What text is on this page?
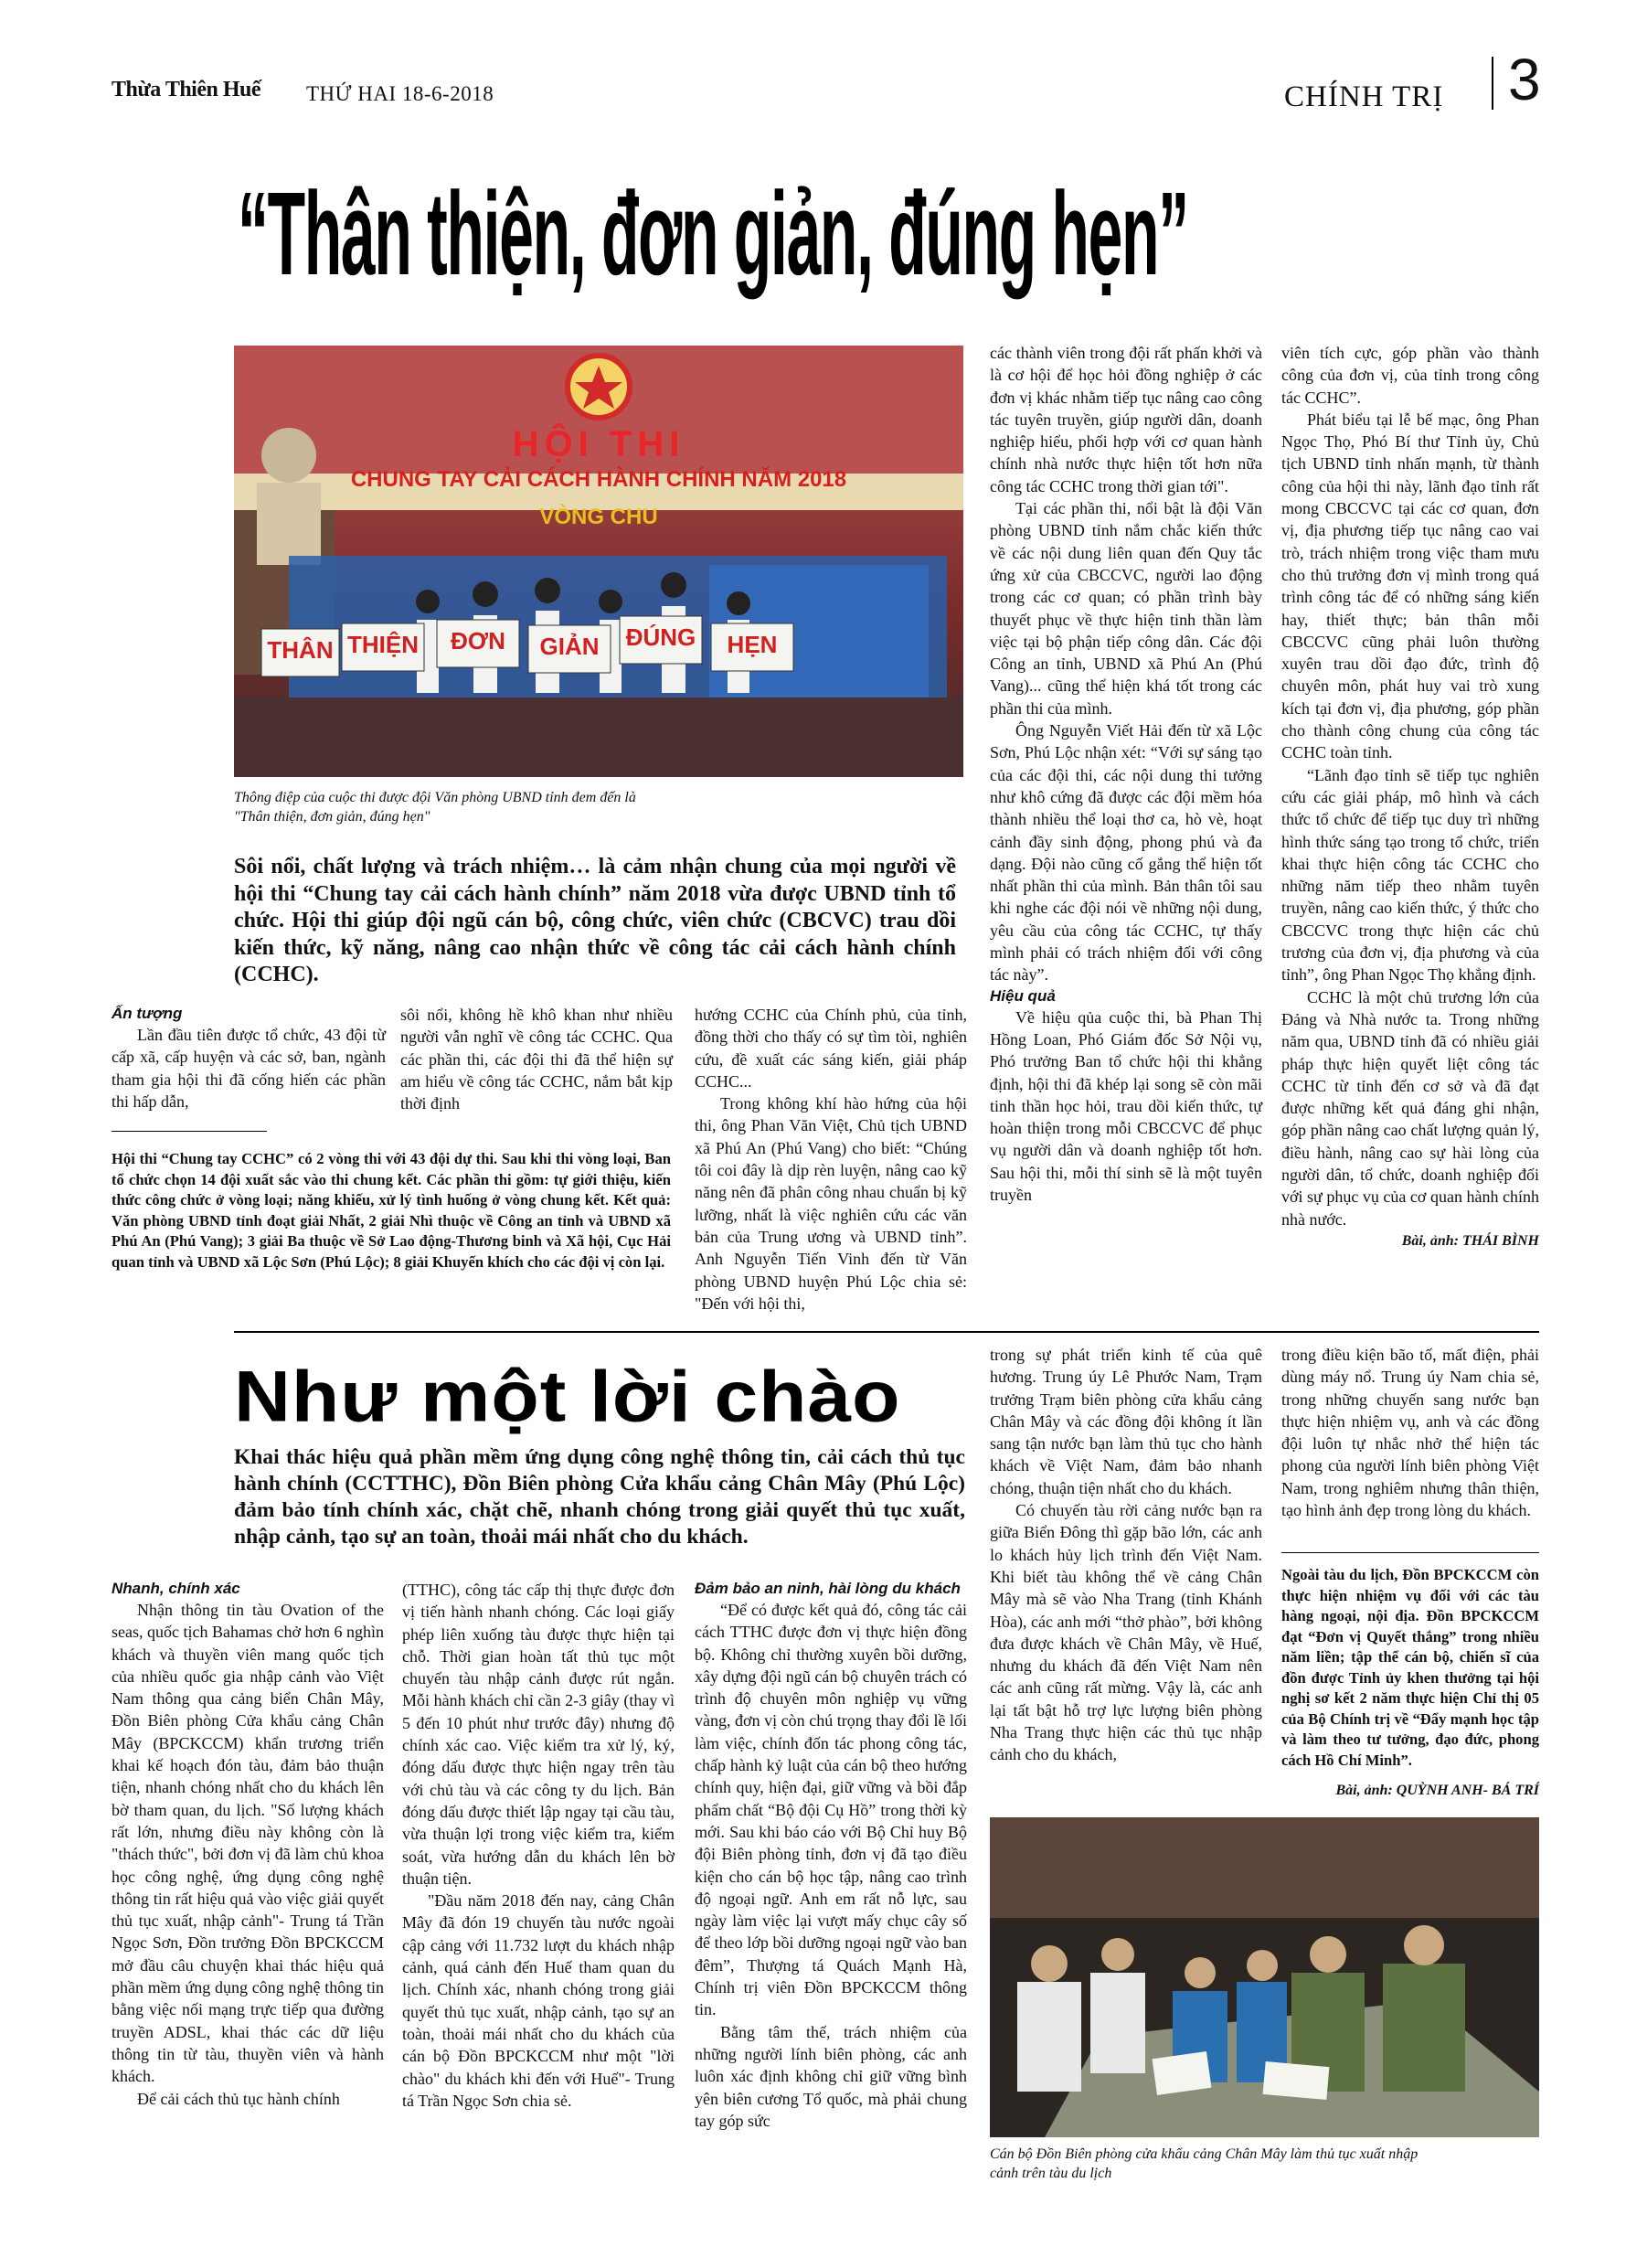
Thừa Thiên Huế THỨ HAI 18-6-2018	CHÍNH TRỊ 3
“Thân thiện, đơn giản, đúng hẹn”
HỘI THI
CHUNG TAY CẢI CÁCH HÀNH CHÍNH NĂM 2018
VÒNG CHU
THÂN THIỆN	ĐƠN	GIẢN	ĐÚNG	HẸN
Thông điệp của cuộc thi được đội Văn phòng UBND tỉnh đem đến là
"Thân thiện, đơn giản, đúng hẹn"
Sôi nổi, chất lượng và trách nhiệm… là cảm nhận chung của mọi người về hội thi “Chung tay cải cách hành chính” năm 2018 vừa được UBND tỉnh tổ chức. Hội thi giúp đội ngũ cán bộ, công chức, viên chức (CBCVC) trau dồi kiến thức, kỹ năng, nâng cao nhận thức về công tác cải cách hành chính (CCHC).
Ấn tượng

Lần đầu tiên được tổ chức, 43 đội từ cấp xã, cấp huyện và các sở, ban, ngành tham gia hội thi đã cống hiến các phần thi hấp dẫn,

sôi nổi, không hề khô khan như nhiều người vẫn nghĩ về công tác CCHC. Qua các phần thi, các đội thi đã thể hiện sự am hiểu về công tác CCHC, nắm bắt kịp thời định

Hội thi “Chung tay CCHC” có 2 vòng thi với 43 đội dự thi. Sau khi thi vòng loại, Ban tổ chức chọn 14 đội xuất sắc vào thi chung kết. Các phần thi gồm: tự giới thiệu, kiến thức công chức ở vòng loại; năng khiếu, xử lý tình huống ở vòng chung kết. Kết quả: Văn phòng UBND tỉnh đoạt giải Nhất, 2 giải Nhì thuộc về Công an tỉnh và UBND xã Phú An (Phú Vang); 3 giải Ba thuộc về Sở Lao động-Thương binh và Xã hội, Cục Hải quan tỉnh và UBND xã Lộc Sơn (Phú Lộc); 8 giải Khuyến khích cho các đội vị còn lại.

hướng CCHC của Chính phủ, của tỉnh, đồng thời cho thấy có sự tìm tòi, nghiên cứu, đề xuất các sáng kiến, giải pháp CCHC...

Trong không khí hào hứng của hội thi, ông Phan Văn Việt, Chủ tịch UBND xã Phú An (Phú Vang) cho biết: “Chúng tôi coi đây là dịp rèn luyện, nâng cao kỹ năng nên đã phân công nhau chuẩn bị kỹ lưỡng, nhất là việc nghiên cứu các văn bản của Trung ương và UBND tỉnh”. Anh Nguyễn Tiến Vinh đến từ Văn phòng UBND huyện Phú Lộc chia sẻ: "Đến với hội thi,

các thành viên trong đội rất phấn khởi và là cơ hội để học hỏi đồng nghiệp ở các đơn vị khác nhằm tiếp tục nâng cao công tác tuyên truyền, giúp người dân, doanh nghiệp hiểu, phối hợp với cơ quan hành chính nhà nước thực hiện tốt hơn nữa công tác CCHC trong thời gian tới".

Tại các phần thi, nổi bật là đội Văn phòng UBND tỉnh nắm chắc kiến thức về các nội dung liên quan đến Quy tắc ứng xử của CBCCVC, người lao động trong các cơ quan; có phần trình bày thuyết phục về thực hiện tinh thần làm việc tại bộ phận tiếp công dân. Các đội Công an tỉnh, UBND xã Phú An (Phú Vang)... cũng thể hiện khá tốt trong các phần thi của mình.

Ông Nguyễn Viết Hải đến từ xã Lộc Sơn, Phú Lộc nhận xét: “Với sự sáng tạo của các đội thi, các nội dung thi tưởng như khô cứng đã được các đội mềm hóa thành nhiều thể loại thơ ca, hò vè, hoạt cảnh đầy sinh động, phong phú và đa dạng. Đội nào cũng cố gắng thể hiện tốt nhất phần thi của mình. Bản thân tôi sau khi nghe các đội nói về những nội dung, yêu cầu của công tác CCHC, tự thấy mình phải có trách nhiệm đối với công tác này”.

Hiệu quả

Về hiệu qủa cuộc thi, bà Phan Thị Hồng Loan, Phó Giám đốc Sở Nội vụ, Phó trưởng Ban tổ chức hội thi khẳng định, hội thi đã khép lại song sẽ còn mãi tinh thần học hỏi, trau dồi kiến thức, tự hoàn thiện trong mỗi CBCCVC để phục vụ người dân và doanh nghiệp tốt hơn. Sau hội thi, mỗi thí sinh sẽ là một tuyên truyền

viên tích cực, góp phần vào thành công của đơn vị, của tỉnh trong công tác CCHC”.

Phát biểu tại lễ bế mạc, ông Phan Ngọc Thọ, Phó Bí thư Tỉnh ủy, Chủ tịch UBND tỉnh nhấn mạnh, từ thành công của hội thi này, lãnh đạo tỉnh rất mong CBCCVC tại các cơ quan, đơn vị, địa phương tiếp tục nâng cao vai trò, trách nhiệm trong việc tham mưu cho thủ trưởng đơn vị mình trong quá trình công tác để có những sáng kiến hay, thiết thực; bản thân mỗi CBCCVC cũng phải luôn thường xuyên trau dồi đạo đức, trình độ chuyên môn, phát huy vai trò xung kích tại đơn vị, địa phương, góp phần cho thành công chung của công tác CCHC toàn tỉnh.

“Lãnh đạo tỉnh sẽ tiếp tục nghiên cứu các giải pháp, mô hình và cách thức tổ chức để tiếp tục duy trì những hình thức sáng tạo trong tổ chức, triển khai thực hiện công tác CCHC cho những năm tiếp theo nhằm tuyên truyền, nâng cao kiến thức, ý thức cho CBCCVC trong thực hiện các chủ trương của đơn vị, địa phương và của tỉnh”, ông Phan Ngọc Thọ khẳng định.

CCHC là một chủ trương lớn của Đảng và Nhà nước ta. Trong những năm qua, UBND tỉnh đã có nhiều giải pháp thực hiện quyết liệt công tác CCHC từ tỉnh đến cơ sở và đã đạt được những kết quả đáng ghi nhận, góp phần nâng cao chất lượng quản lý, điều hành, nâng cao sự hài lòng của người dân, tổ chức, doanh nghiệp đối với sự phục vụ của cơ quan hành chính nhà nước.

Bài, ảnh: THÁI BÌNH
Như một lời chào
Khai thác hiệu quả phần mềm ứng dụng công nghệ thông tin, cải cách thủ tục hành chính (CCTTHC), Đồn Biên phòng Cửa khẩu cảng Chân Mây (Phú Lộc) đảm bảo tính chính xác, chặt chẽ, nhanh chóng trong giải quyết thủ tục xuất, nhập cảnh, tạo sự an toàn, thoải mái nhất cho du khách.
Nhanh, chính xác

Nhận thông tin tàu Ovation of the seas, quốc tịch Bahamas chở hơn 6 nghìn khách và thuyền viên mang quốc tịch của nhiều quốc gia nhập cảnh vào Việt Nam thông qua cảng biển Chân Mây, Đồn Biên phòng Cửa khẩu cảng Chân Mây (BPCKCCM) khẩn trương triển khai kế hoạch đón tàu, đảm bảo thuận tiện, nhanh chóng nhất cho du khách lên bờ tham quan, du lịch. "Số lượng khách rất lớn, nhưng điều này không còn là "thách thức", bởi đơn vị đã làm chủ khoa học công nghệ, ứng dụng công nghệ thông tin rất hiệu quả vào việc giải quyết thủ tục xuất, nhập cảnh"- Trung tá Trần Ngọc Sơn, Đồn trưởng Đồn BPCKCCM mở đầu câu chuyện khai thác hiệu quả phần mềm ứng dụng công nghệ thông tin bằng việc nối mạng trực tiếp qua đường truyền ADSL, khai thác các dữ liệu thông tin từ tàu, thuyền viên và hành khách.

Để cải cách thủ tục hành chính

(TTHC), công tác cấp thị thực được đơn vị tiến hành nhanh chóng. Các loại giấy phép liên xuống tàu được thực hiện tại chỗ. Thời gian hoàn tất thủ tục một chuyến tàu nhập cảnh được rút ngắn. Mỗi hành khách chỉ cần 2-3 giây (thay vì 5 đến 10 phút như trước đây) nhưng độ chính xác cao. Việc kiểm tra xử lý, ký, đóng dấu được thực hiện ngay trên tàu với chủ tàu và các công ty du lịch. Bản đóng dấu được thiết lập ngay tại cầu tàu, vừa thuận lợi trong việc kiểm tra, kiểm soát, vừa hướng dẫn du khách lên bờ thuận tiện.

"Đầu năm 2018 đến nay, cảng Chân Mây đã đón 19 chuyến tàu nước ngoài cập cảng với 11.732 lượt du khách nhập cảnh, quá cảnh đến Huế tham quan du lịch. Chính xác, nhanh chóng trong giải quyết thủ tục xuất, nhập cảnh, tạo sự an toàn, thoải mái nhất cho du khách của cán bộ Đồn BPCKCCM như một "lời chào" du khách khi đến với Huế"- Trung tá Trần Ngọc Sơn chia sẻ.

Đảm bảo an ninh, hài lòng du khách

“Để có được kết quả đó, công tác cải cách TTHC được đơn vị thực hiện đồng bộ. Không chỉ thường xuyên bồi dưỡng, xây dựng đội ngũ cán bộ chuyên trách có trình độ chuyên môn nghiệp vụ vững vàng, đơn vị còn chú trọng thay đổi lề lối làm việc, chính đốn tác phong công tác, chấp hành kỷ luật của cán bộ theo hướng chính quy, hiện đại, giữ vững và bồi đắp phẩm chất “Bộ đội Cụ Hồ” trong thời kỳ mới. Sau khi báo cáo với Bộ Chỉ huy Bộ đội Biên phòng tỉnh, đơn vị đã tạo điều kiện cho cán bộ học tập, nâng cao trình độ ngoại ngữ. Anh em rất nỗ lực, sau ngày làm việc lại vượt mấy chục cây số để theo lớp bồi dưỡng ngoại ngữ vào ban đêm”, Thượng tá Quách Mạnh Hà, Chính trị viên Đồn BPCKCCM thông tin.

Bằng tâm thế, trách nhiệm của những người lính biên phòng, các anh luôn xác định không chỉ giữ vững bình yên biên cương Tổ quốc, mà phải chung tay góp sức

trong sự phát triển kinh tế của quê hương. Trung úy Lê Phước Nam, Trạm trưởng Trạm biên phòng cửa khẩu cảng Chân Mây và các đồng đội không ít lần sang tận nước bạn làm thủ tục cho hành khách về Việt Nam, đảm bảo nhanh chóng, thuận tiện nhất cho du khách.

Có chuyến tàu rời cảng nước bạn ra giữa Biển Đông thì gặp bão lớn, các anh lo khách hủy lịch trình đến Việt Nam. Khi biết tàu không thể về cảng Chân Mây mà sẽ vào Nha Trang (tỉnh Khánh Hòa), các anh mới “thở phào”, bởi không đưa được khách về Chân Mây, về Huế, nhưng du khách đã đến Việt Nam nên các anh cũng rất mừng. Vậy là, các anh lại tất bật hỗ trợ lực lượng biên phòng Nha Trang thực hiện các thủ tục nhập cảnh cho du khách,

trong điều kiện bão tố, mất điện, phải dùng máy nổ. Trung úy Nam chia sẻ, trong những chuyến sang nước bạn thực hiện nhiệm vụ, anh và các đồng đội luôn tự nhắc nhở thể hiện tác phong của người lính biên phòng Việt Nam, trong nghiêm nhưng thân thiện, tạo hình ảnh đẹp trong lòng du khách.

Ngoài tàu du lịch, Đồn BPCKCCM còn thực hiện nhiệm vụ đối với các tàu hàng ngoại, nội địa. Đồn BPCKCCM đạt “Đơn vị Quyết thắng” trong nhiều năm liền; tập thể cán bộ, chiến sĩ của đồn được Tỉnh ủy khen thưởng tại hội nghị sơ kết 2 năm thực hiện Chỉ thị 05 của Bộ Chính trị về “Đẩy mạnh học tập và làm theo tư tưởng, đạo đức, phong cách Hồ Chí Minh”.
Bài, ảnh: QUỲNH ANH- BÁ TRÍ
Cán bộ Đồn Biên phòng cửa khẩu cảng Chân Mây làm thủ tục xuất nhập
cảnh trên tàu du lịch
